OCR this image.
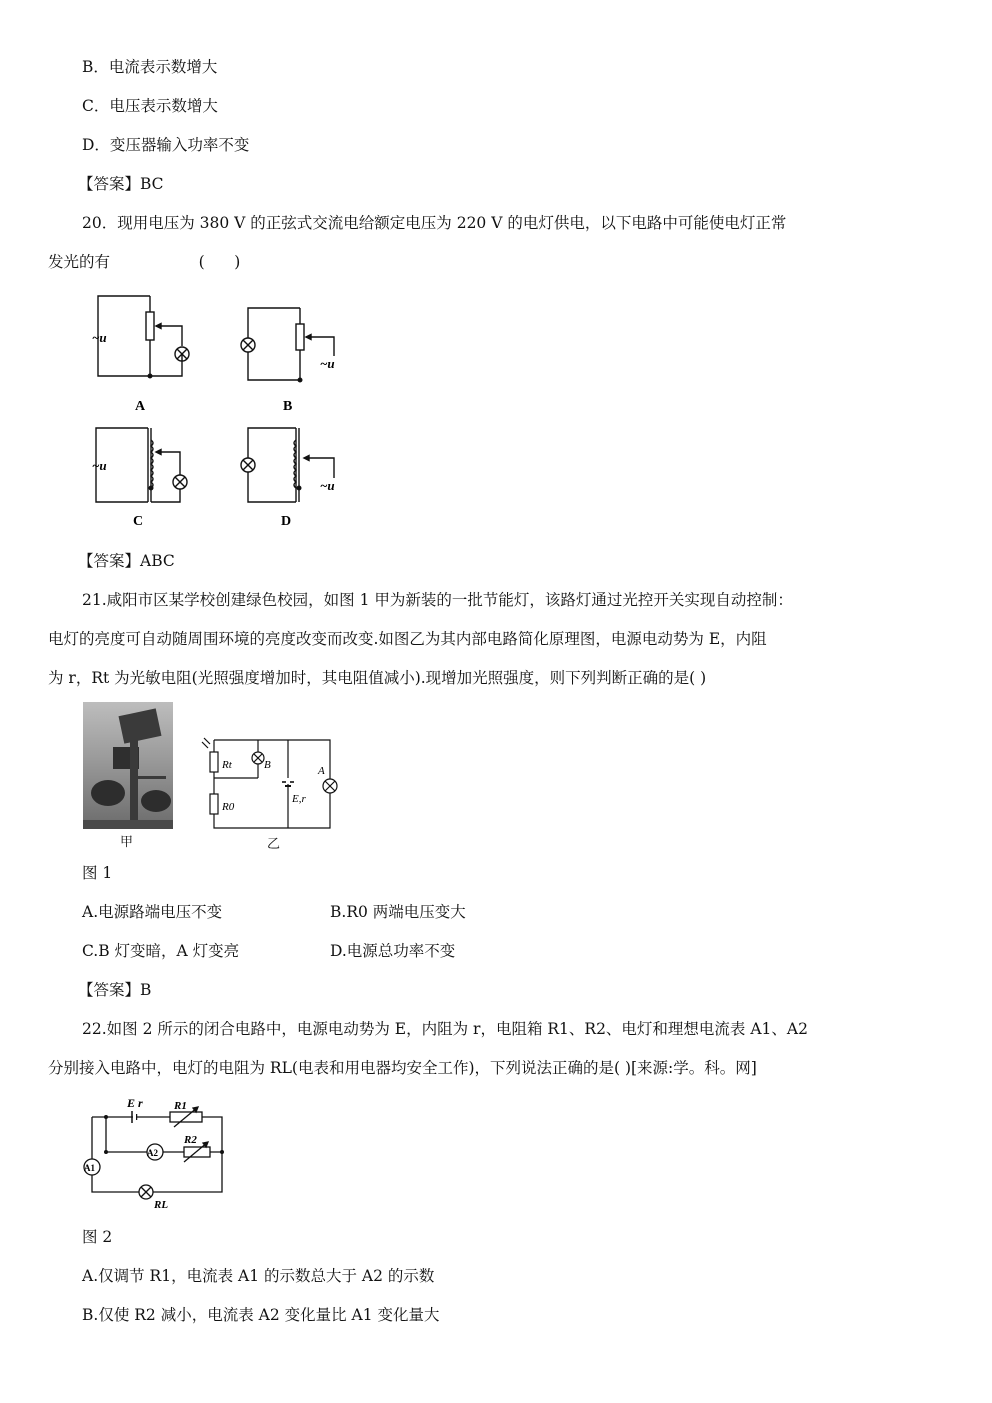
B．电流表示数增大
C．电压表示数增大
D．变压器输入功率不变
【答案】BC
20．现用电压为 380 V 的正弦式交流电给额定电压为 220 V 的电灯供电，以下电路中可能使电灯正常
发光的有                  (      )
~u
~u
~u
~u
A	B
C	D
【答案】ABC
21.咸阳市区某学校创建绿色校园，如图 1 甲为新装的一批节能灯，该路灯通过光控开关实现自动控制：
电灯的亮度可自动随周围环境的亮度改变而改变.如图乙为其内部电路简化原理图，电源电动势为 E，内阻
为 r，Rt 为光敏电阻(光照强度增加时，其电阻值减小).现增加光照强度，则下列判断正确的是( )
Rt	B
R0
E,r
A
甲	乙
图 1
A.电源路端电压不变	B.R0 两端电压变大
C.B 灯变暗，A 灯变亮	D.电源总功率不变
【答案】B
22.如图 2 所示的闭合电路中，电源电动势为 E，内阻为 r，电阻箱 R1、R2、电灯和理想电流表 A1、A2
分别接入电路中，电灯的电阻为 RL(电表和用电器均安全工作)，下列说法正确的是( )[来源:学。科。网]
E r	R1
R2
A2
A1
RL
图 2
A.仅调节 R1，电流表 A1 的示数总大于 A2 的示数
B.仅使 R2 减小，电流表 A2 变化量比 A1 变化量大
